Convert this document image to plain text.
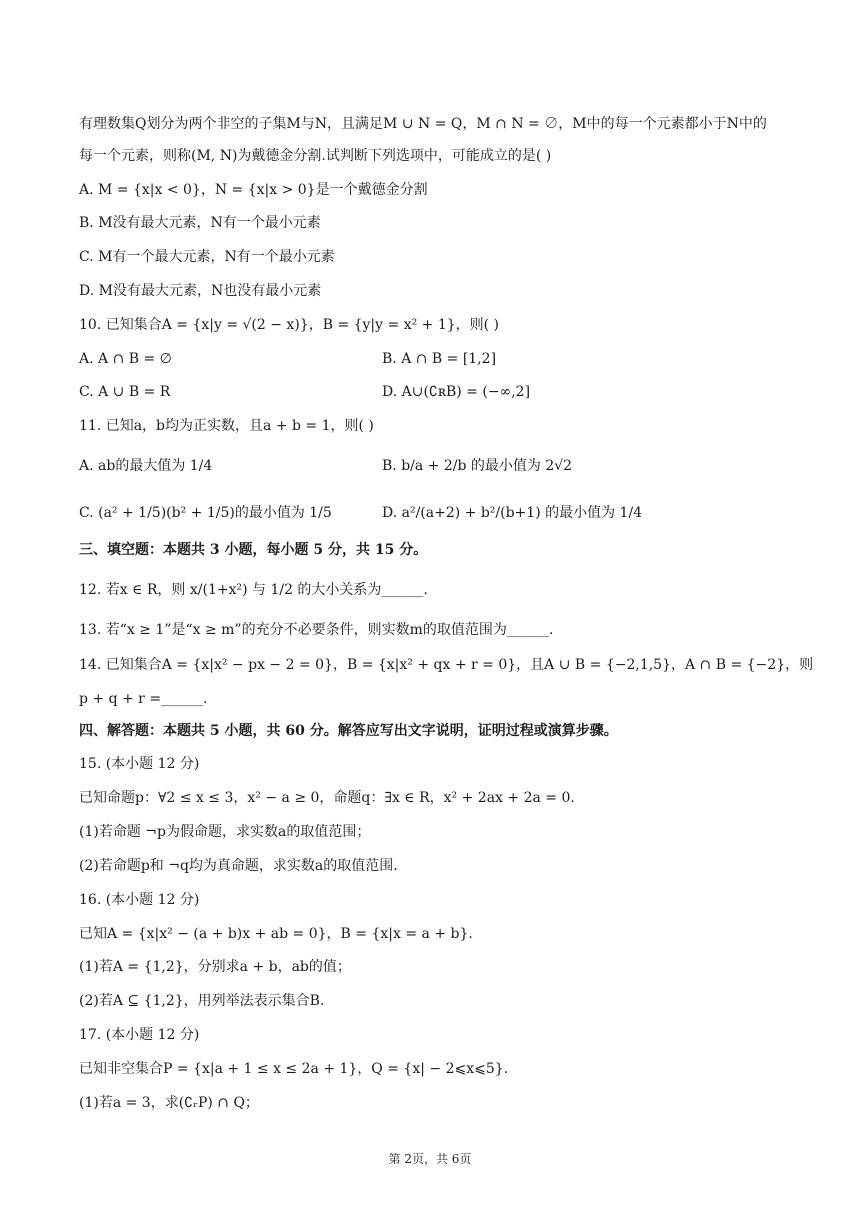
有理数集Q划分为两个非空的子集M与N，且满足M ∪ N = Q，M ∩ N = ∅，M中的每一个元素都小于N中的
每一个元素，则称(M, N)为戴德金分割.试判断下列选项中，可能成立的是( )
A. M = {x|x < 0}，N = {x|x > 0}是一个戴德金分割
B. M没有最大元素，N有一个最小元素
C. M有一个最大元素，N有一个最小元素
D. M没有最大元素，N也没有最小元素
10. 已知集合A = {x|y = √(2 − x)}，B = {y|y = x² + 1}，则( )
A. A ∩ B = ∅	B. A ∩ B = [1,2]
C. A ∪ B = R	D. A∪(∁ʀB) = (−∞,2]
11. 已知a，b均为正实数，且a + b = 1，则( )
A. ab的最大值为 1/4	B. b/a + 2/b 的最小值为 2√2
C. (a² + 1/5)(b² + 1/5)的最小值为 1/5	D. a²/(a+2) + b²/(b+1) 的最小值为 1/4
三、填空题：本题共 3 小题，每小题 5 分，共 15 分。
12. 若x ∈ R，则 x/(1+x²) 与 1/2 的大小关系为______.
13. 若“x ≥ 1”是“x ≥ m”的充分不必要条件，则实数m的取值范围为______.
14. 已知集合A = {x|x² − px − 2 = 0}，B = {x|x² + qx + r = 0}，且A ∪ B = {−2,1,5}，A ∩ B = {−2}，则
p + q + r =______.
四、解答题：本题共 5 小题，共 60 分。解答应写出文字说明，证明过程或演算步骤。
15. (本小题 12 分)
已知命题p：∀2 ≤ x ≤ 3，x² − a ≥ 0，命题q：∃x ∈ R，x² + 2ax + 2a = 0.
(1)若命题 ¬p为假命题，求实数a的取值范围；
(2)若命题p和 ¬q均为真命题，求实数a的取值范围.
16. (本小题 12 分)
已知A = {x|x² − (a + b)x + ab = 0}，B = {x|x = a + b}.
(1)若A = {1,2}，分别求a + b，ab的值；
(2)若A ⊆ {1,2}，用列举法表示集合B.
17. (本小题 12 分)
已知非空集合P = {x|a + 1 ≤ x ≤ 2a + 1}，Q = {x| − 2⩽x⩽5}.
(1)若a = 3，求(∁ᵣP) ∩ Q；
第 2页，共 6页
